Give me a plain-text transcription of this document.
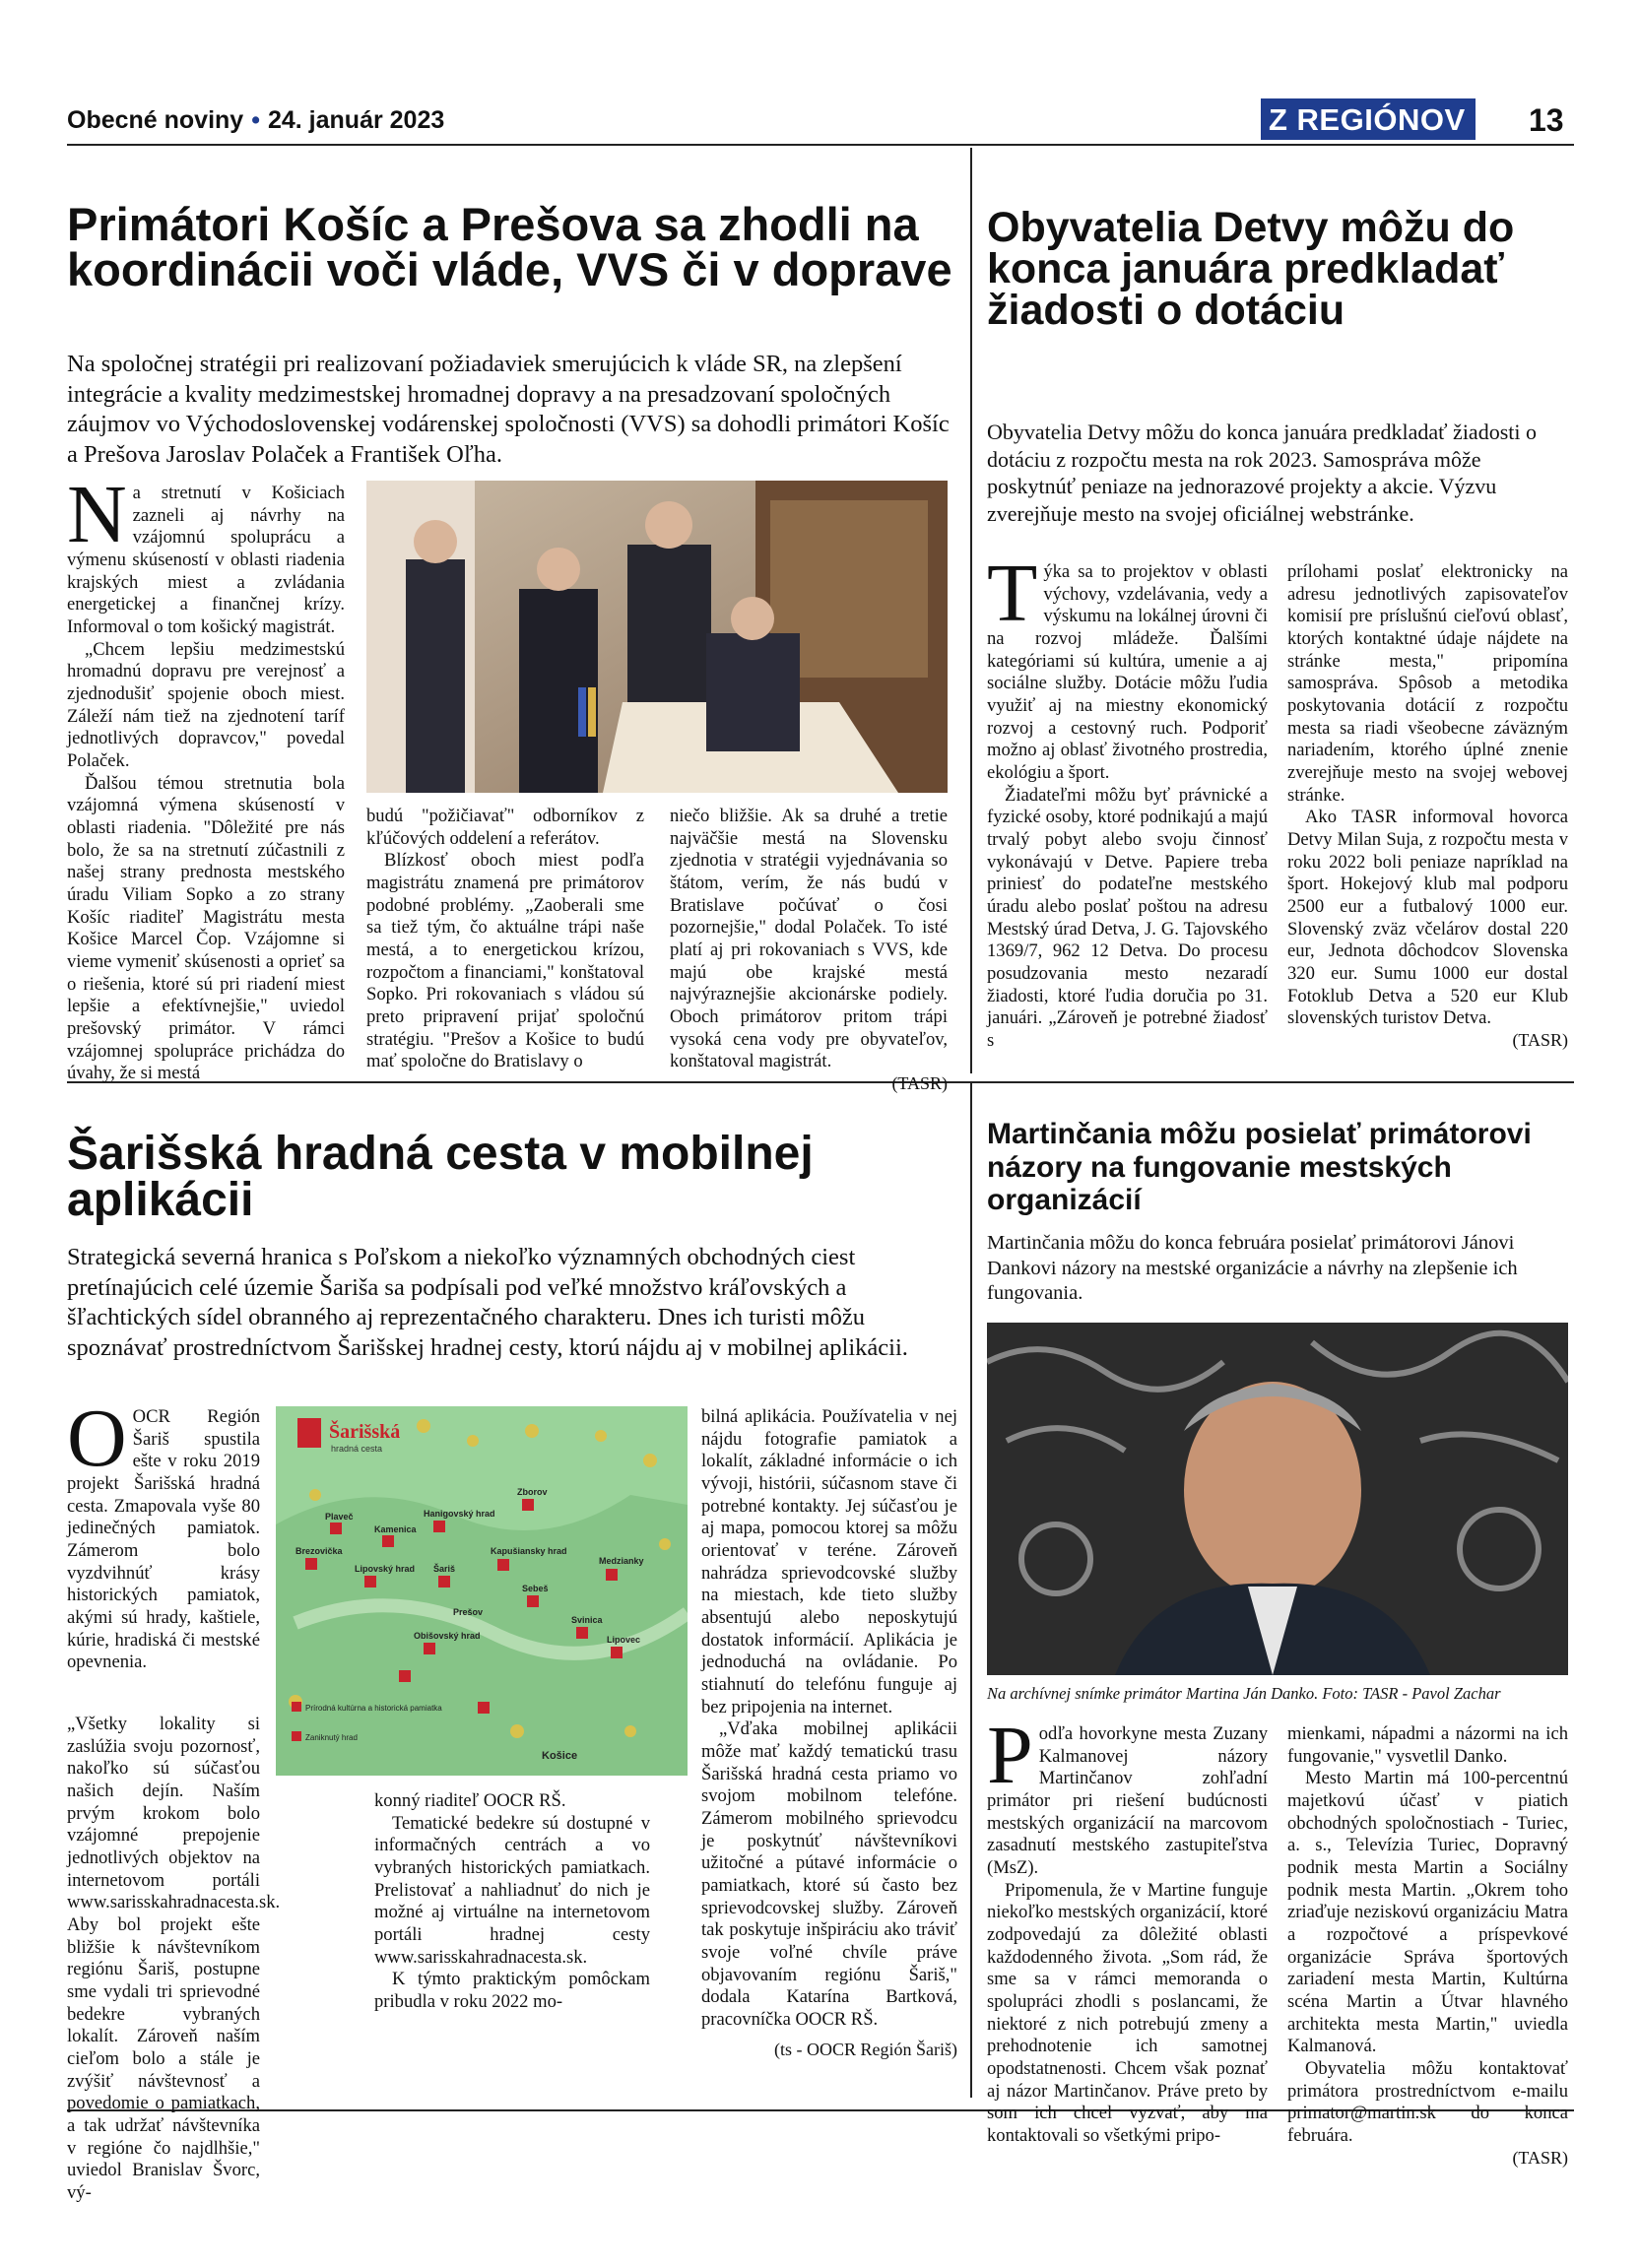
Obecné noviny • 24. január 2023	Z REGIÓNOV	13
Primátori Košíc a Prešova sa zhodli na koordinácii voči vláde, VVS či v doprave
Na spoločnej stratégii pri realizovaní požiadaviek smerujúcich k vláde SR, na zlepšení integrácie a kvality medzimestskej hromadnej dopravy a na presadzovaní spoločných záujmov vo Východoslovenskej vodárenskej spoločnosti (VVS) sa dohodli primátori Košíc a Prešova Jaroslav Polaček a František Oľha.

Na stretnutí v Košiciach zazneli aj návrhy na vzájomnú spoluprácu a výmenu skúseností v oblasti riadenia krajských miest a zvládania energetickej a finančnej krízy. Informoval o tom košický magistrát.

„Chcem lepšiu medzimestskú hromadnú dopravu pre verejnosť a zjednodušiť spojenie oboch miest. Záleží nám tiež na zjednotení taríf jednotlivých dopravcov," povedal Polaček.

Ďalšou témou stretnutia bola vzájomná výmena skúseností v oblasti riadenia. "Dôležité pre nás bolo, že sa na stretnutí zúčastnili z našej strany prednosta mestského úradu Viliam Sopko a zo strany Košíc riaditeľ Magistrátu mesta Košice Marcel Čop. Vzájomne si vieme vymeniť skúsenosti a oprieť sa o riešenia, ktoré sú pri riadení miest lepšie a efektívnejšie," uviedol prešovský primátor. V rámci vzájomnej spolupráce prichádza do úvahy, že si mestá

budú "požičiavať" odborníkov z kľúčových oddelení a referátov.

Blízkosť oboch miest podľa magistrátu znamená pre primátorov podobné problémy. „Zaoberali sme sa tiež tým, čo aktuálne trápi naše mestá, a to energetickou krízou, rozpočtom a financiami," konštatoval Sopko. Pri rokovaniach s vládou sú preto pripravení prijať spoločnú stratégiu. "Prešov a Košice to budú mať spoločne do Bratislavy o

niečo bližšie. Ak sa druhé a tretie najväčšie mestá na Slovensku zjednotia v stratégii vyjednávania so štátom, verím, že nás budú v Bratislave počúvať o čosi pozornejšie," dodal Polaček. To isté platí aj pri rokovaniach s VVS, kde majú obe krajské mestá najvýraznejšie akcionárske podiely. Oboch primátorov pritom trápi vysoká cena vody pre obyvateľov, konštatoval magistrát.

(TASR)
Obyvatelia Detvy môžu do konca januára predkladať žiadosti o dotáciu
Obyvatelia Detvy môžu do konca januára predkladať žiadosti o dotáciu z rozpočtu mesta na rok 2023. Samospráva môže poskytnúť peniaze na jednorazové projekty a akcie. Výzvu zverejňuje mesto na svojej oficiálnej webstránke.

Týka sa to projektov v oblasti výchovy, vzdelávania, vedy a výskumu na lokálnej úrovni či na rozvoj mládeže. Ďalšími kategóriami sú kultúra, umenie a aj sociálne služby. Dotácie môžu ľudia využiť aj na miestny ekonomický rozvoj a cestovný ruch. Podporiť možno aj oblasť životného prostredia, ekológiu a šport.

Žiadateľmi môžu byť právnické a fyzické osoby, ktoré podnikajú a majú trvalý pobyt alebo svoju činnosť vykonávajú v Detve. Papiere treba priniesť do podateľne mestského úradu alebo poslať poštou na adresu Mestský úrad Detva, J. G. Tajovského 1369/7, 962 12 Detva. Do procesu posudzovania mesto nezaradí žiadosti, ktoré ľudia doručia po 31. januári. „Zároveň je potrebné žiadosť s

prílohami poslať elektronicky na adresu jednotlivých zapisovateľov komisií pre príslušnú cieľovú oblasť, ktorých kontaktné údaje nájdete na stránke mesta," pripomína samospráva. Spôsob a metodika poskytovania dotácií z rozpočtu mesta sa riadi všeobecne záväzným nariadením, ktorého úplné znenie zverejňuje mesto na svojej webovej stránke.

Ako TASR informoval hovorca Detvy Milan Suja, z rozpočtu mesta v roku 2022 boli peniaze napríklad na šport. Hokejový klub mal podporu 2500 eur a futbalový 1000 eur. Slovenský zväz včelárov dostal 220 eur, Jednota dôchodcov Slovenska 320 eur. Sumu 1000 eur dostal Fotoklub Detva a 520 eur Klub slovenských turistov Detva.

(TASR)
Šarišská hradná cesta v mobilnej aplikácii
Strategická severná hranica s Poľskom a niekoľko významných obchodných ciest pretínajúcich celé územie Šariša sa podpísali pod veľké množstvo kráľovských a šľachtických sídel obranného aj reprezentačného charakteru. Dnes ich turisti môžu spoznávať prostredníctvom Šarišskej hradnej cesty, ktorú nájdu aj v mobilnej aplikácii.

OOCR Región Šariš spustila ešte v roku 2019 projekt Šarišská hradná cesta. Zmapovala vyše 80 jedinečných pamiatok. Zámerom bolo vyzdvihnúť krásy historických pamiatok, akými sú hrady, kaštiele, kúrie, hradiská či mestské opevnenia.

„Všetky lokality si zaslúžia svoju pozornosť, nakoľko sú súčasťou našich dejín. Naším prvým krokom bolo vzájomné prepojenie jednotlivých objektov na internetovom portáli www.sarisskahradnacesta.sk. Aby bol projekt ešte bližšie k návštevníkom regiónu Šariš, postupne sme vydali tri sprievodné bedekre vybraných lokalít. Zároveň naším cieľom bolo a stále je zvýšiť návštevnosť a povedomie o pamiatkach, a tak udržať návštevníka v regióne čo najdlhšie," uviedol Branislav Švorc, vý-

Šarišská
hradná cesta
Plaveč
Kamenica
Hanigovský hrad
Zborov
Brezovička
Lipovský hrad Šariš
Kapušiansky hrad
Medzianky
Sebeš
Prešov
Svinica
Obišovský hrad	Lipovec
Košice
Prírodná kultúrna a historická pamiatka
Zaniknutý hrad

konný riaditeľ OOCR RŠ.

Tematické bedekre sú dostupné v informačných centrách a vo vybraných historických pamiatkach. Prelistovať a nahliadnuť do nich je možné aj virtuálne na internetovom portáli hradnej cesty www.sarisskahradnacesta.sk.

K týmto praktickým pomôckam pribudla v roku 2022 mo-

bilná aplikácia. Používatelia v nej nájdu fotografie pamiatok a lokalít, základné informácie o ich vývoji, histórii, súčasnom stave či potrebné kontakty. Jej súčasťou je aj mapa, pomocou ktorej sa môžu orientovať v teréne. Zároveň nahrádza sprievodcovské služby na miestach, kde tieto služby absentujú alebo neposkytujú dostatok informácií. Aplikácia je jednoduchá na ovládanie. Po stiahnutí do telefónu funguje aj bez pripojenia na internet.

„Vďaka mobilnej aplikácii môže mať každý tematickú trasu Šarišská hradná cesta priamo vo svojom mobilnom telefóne. Zámerom mobilného sprievodcu je poskytnúť návštevníkovi užitočné a pútavé informácie o pamiatkach, ktoré sú často bez sprievodcovskej služby. Zároveň tak poskytuje inšpiráciu ako tráviť svoje voľné chvíle práve objavovaním regiónu Šariš," dodala Katarína Bartková, pracovníčka OOCR RŠ.

(ts - OOCR Región Šariš)
Martinčania môžu posielať primátorovi názory na fungovanie mestských organizácií
Martinčania môžu do konca februára posielať primátorovi Jánovi Dankovi názory na mestské organizácie a návrhy na zlepšenie ich fungovania.
Na archívnej snímke primátor Martina Ján Danko. Foto: TASR - Pavol Zachar

Podľa hovorkyne mesta Zuzany Kalmanovej názory Martinčanov zohľadní primátor pri riešení budúcnosti mestských organizácií na marcovom zasadnutí mestského zastupiteľstva (MsZ).

Pripomenula, že v Martine funguje niekoľko mestských organizácií, ktoré zodpovedajú za dôležité oblasti každodenného života. „Som rád, že sme sa v rámci memoranda o spolupráci zhodli s poslancami, že niektoré z nich potrebujú zmeny a prehodnotenie ich samotnej opodstatnenosti. Chcem však poznať aj názor Martinčanov. Práve preto by som ich chcel vyzvať, aby ma kontaktovali so všetkými pripo-

mienkami, nápadmi a názormi na ich fungovanie," vysvetlil Danko.

Mesto Martin má 100-percentnú majetkovú účasť v piatich obchodných spoločnostiach - Turiec, a. s., Televízia Turiec, Dopravný podnik mesta Martin a Sociálny podnik mesta Martin. „Okrem toho zriaďuje neziskovú organizáciu Matra a rozpočtové a príspevkové organizácie Správa športových zariadení mesta Martin, Kultúrna scéna Martin a Útvar hlavného architekta mesta Martin," uviedla Kalmanová.

Obyvatelia môžu kontaktovať primátora prostredníctvom e-mailu primator@martin.sk do konca februára.

(TASR)
